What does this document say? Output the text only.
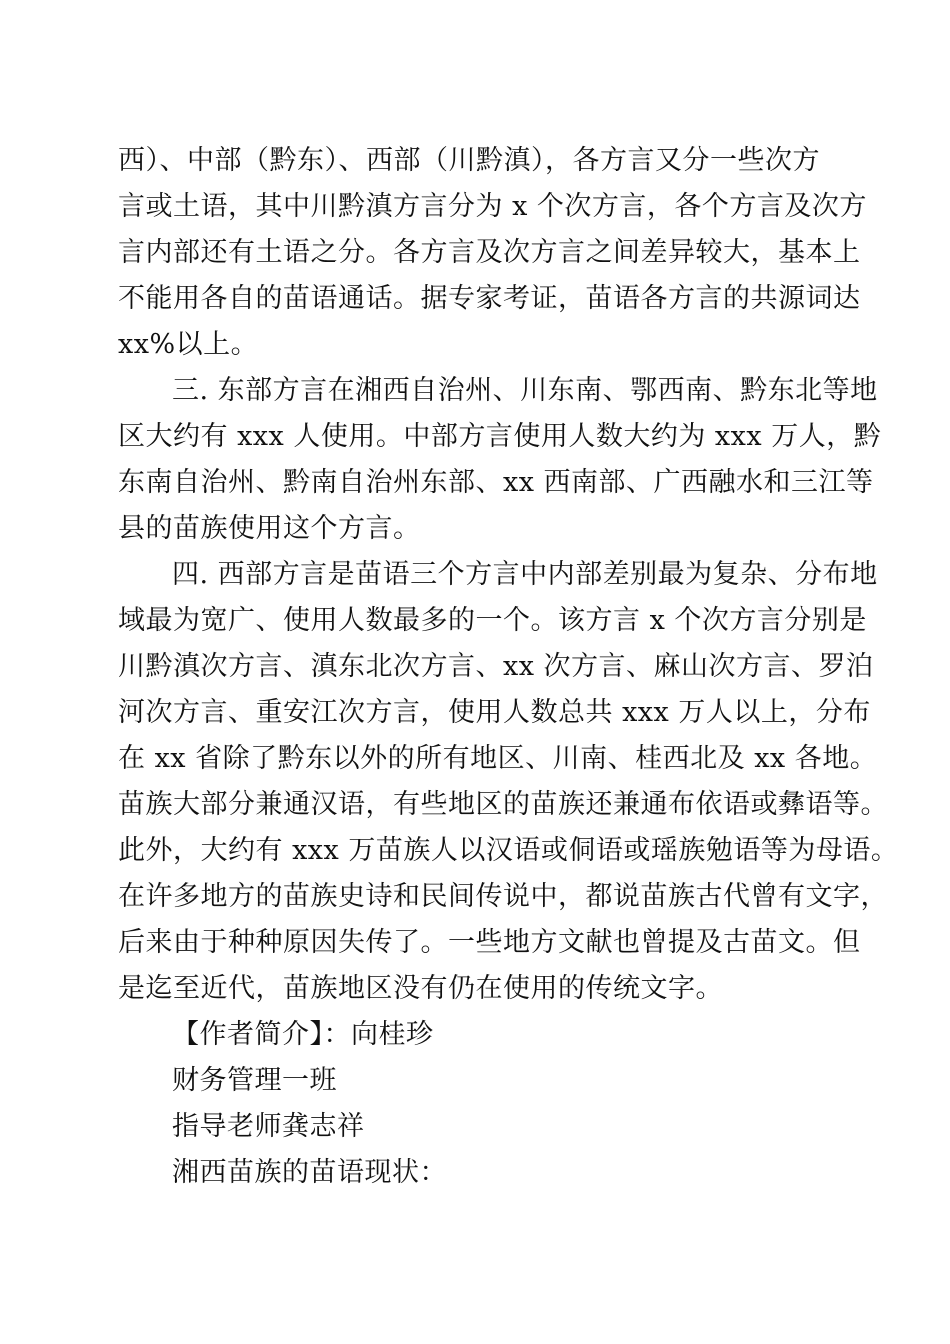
西）、中部（黔东）、西部（川黔滇），各方言又分一些次方
言或土语，其中川黔滇方言分为 x 个次方言，各个方言及次方
言内部还有土语之分。各方言及次方言之间差异较大，基本上
不能用各自的苗语通话。据专家考证，苗语各方言的共源词达
xx%以上。
三. 东部方言在湘西自治州、川东南、鄂西南、黔东北等地
区大约有 xxx 人使用。中部方言使用人数大约为 xxx 万人，黔
东南自治州、黔南自治州东部、xx 西南部、广西融水和三江等
县的苗族使用这个方言。
四. 西部方言是苗语三个方言中内部差别最为复杂、分布地
域最为宽广、使用人数最多的一个。该方言 x 个次方言分别是
川黔滇次方言、滇东北次方言、xx 次方言、麻山次方言、罗泊
河次方言、重安江次方言，使用人数总共 xxx 万人以上，分布
在 xx 省除了黔东以外的所有地区、川南、桂西北及 xx 各地。
苗族大部分兼通汉语，有些地区的苗族还兼通布依语或彝语等。
此外，大约有 xxx 万苗族人以汉语或侗语或瑶族勉语等为母语。
在许多地方的苗族史诗和民间传说中，都说苗族古代曾有文字，
后来由于种种原因失传了。一些地方文献也曾提及古苗文。但
是迄至近代，苗族地区没有仍在使用的传统文字。
【作者简介】：向桂珍
财务管理一班
指导老师龚志祥
湘西苗族的苗语现状：
